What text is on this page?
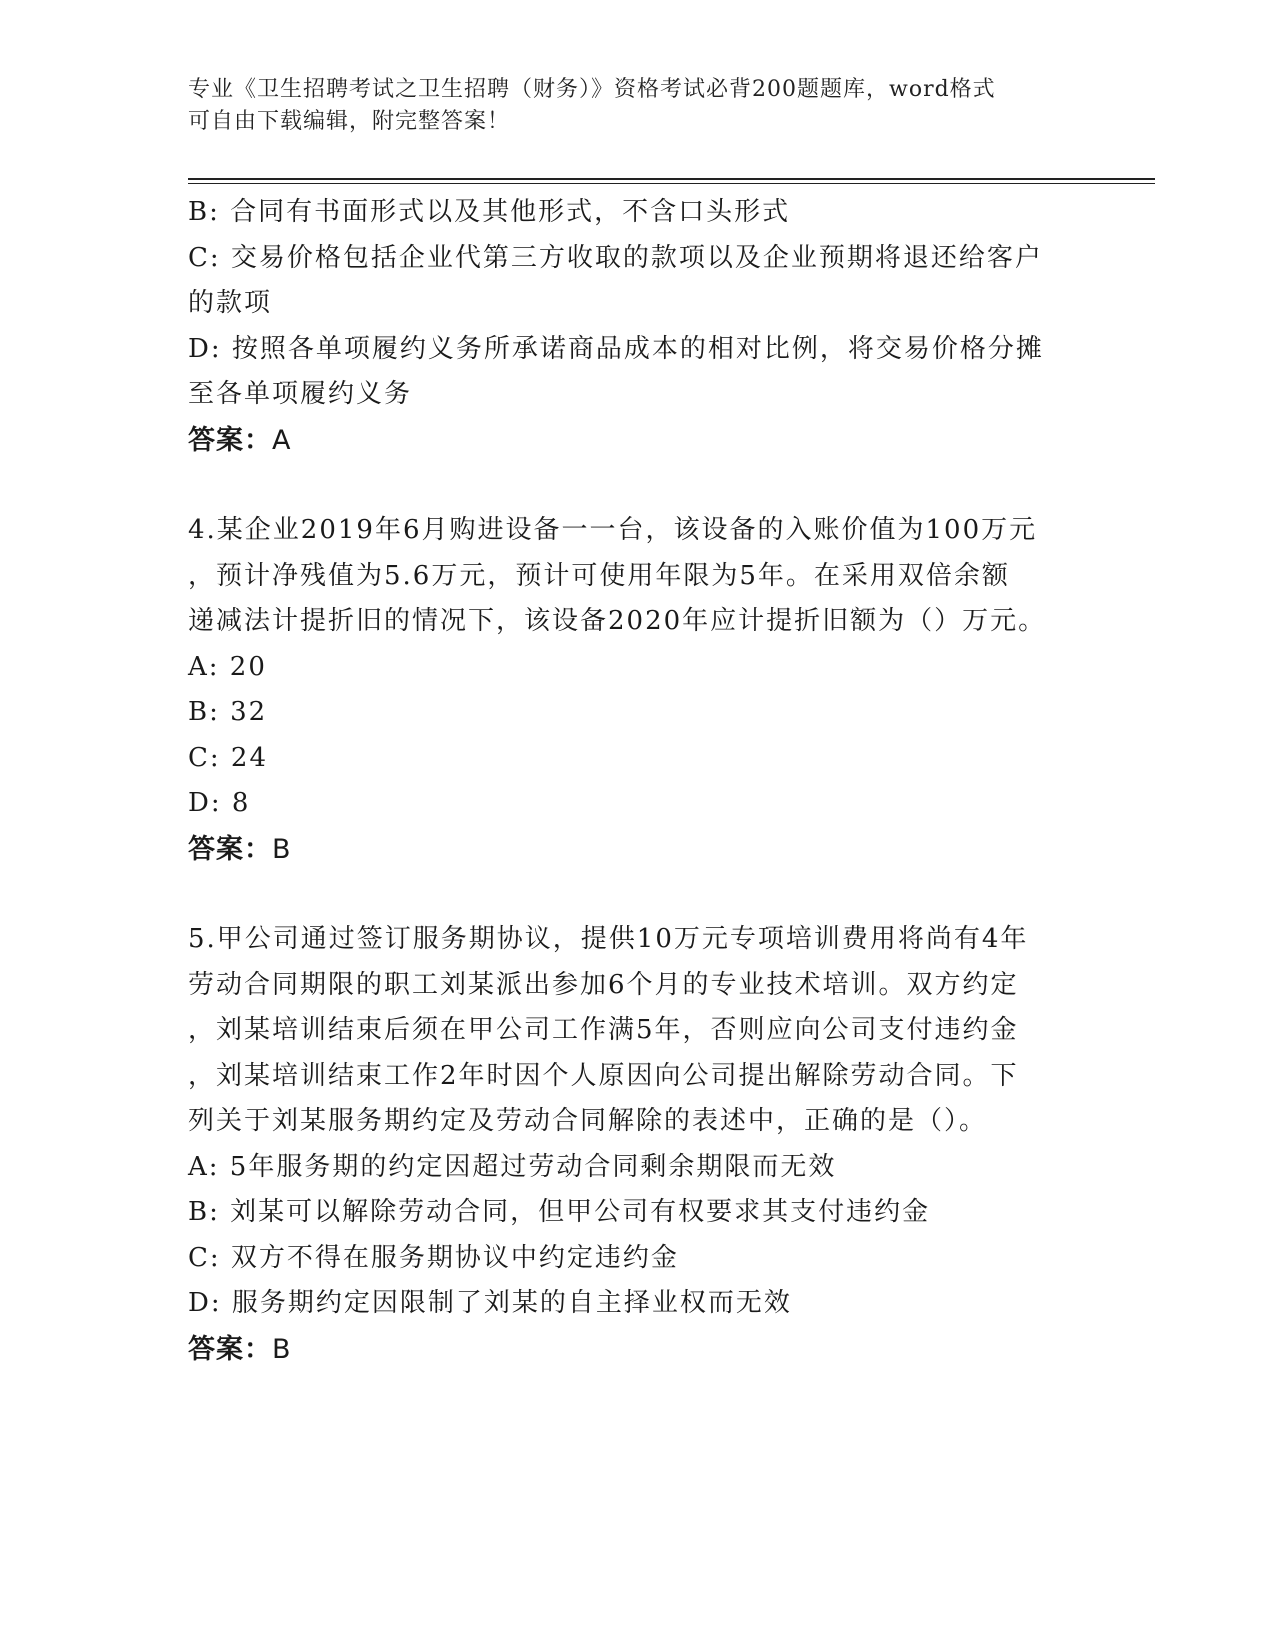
专业《卫生招聘考试之卫生招聘（财务）》资格考试必背200题题库，word格式
可自由下载编辑，附完整答案！

B: 合同有书面形式以及其他形式，不含口头形式

C: 交易价格包括企业代第三方收取的款项以及企业预期将退还给客户

的款项

D: 按照各单项履约义务所承诺商品成本的相对比例，将交易价格分摊

至各单项履约义务

答案：A

4.某企业2019年6月购进设备一一台，该设备的入账价值为100万元

，预计净残值为5.6万元，预计可使用年限为5年。在采用双倍余额

递减法计提折旧的情况下，该设备2020年应计提折旧额为（）万元。

A: 20

B: 32

C: 24

D: 8

答案：B

5.甲公司通过签订服务期协议，提供10万元专项培训费用将尚有4年

劳动合同期限的职工刘某派出参加6个月的专业技术培训。双方约定

，刘某培训结束后须在甲公司工作满5年，否则应向公司支付违约金

，刘某培训结束工作2年时因个人原因向公司提出解除劳动合同。下

列关于刘某服务期约定及劳动合同解除的表述中，正确的是（）。

A: 5年服务期的约定因超过劳动合同剩余期限而无效

B: 刘某可以解除劳动合同，但甲公司有权要求其支付违约金

C: 双方不得在服务期协议中约定违约金

D: 服务期约定因限制了刘某的自主择业权而无效

答案：B
